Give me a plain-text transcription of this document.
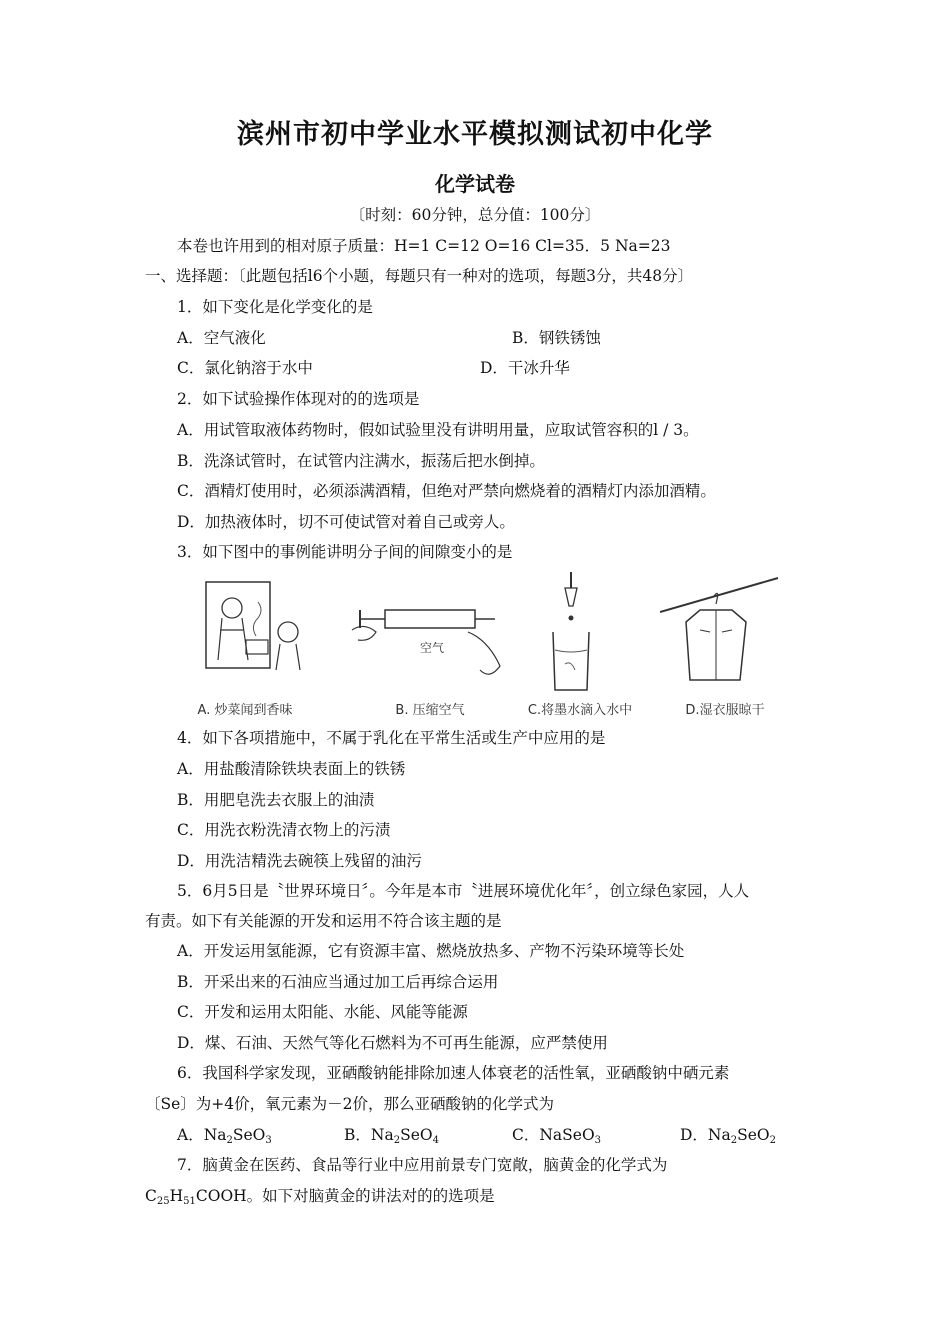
滨州市初中学业水平模拟测试初中化学
化学试卷
〔时刻：60分钟，总分值：100分〕
本卷也许用到的相对原子质量：H=1 C=12 O=16 Cl=35．5 Na=23
一、选择题：〔此题包括l6个小题，每题只有一种对的选项，每题3分，共48分〕
1．如下变化是化学变化的是
A．空气液化	B．钢铁锈蚀
C．氯化钠溶于水中	D．干冰升华
2．如下试验操作体现对的的选项是
A．用试管取液体药物时，假如试验里没有讲明用量，应取试管容积的l / 3。
B．洗涤试管时，在试管内注满水，振荡后把水倒掉。
C．酒精灯使用时，必须添满酒精，但绝对严禁向燃烧着的酒精灯内添加酒精。
D．加热液体时，切不可使试管对着自己或旁人。
3．如下图中的事例能讲明分子间的间隙变小的是
A. 炒菜闻到香味
空气
B. 压缩空气	C.将墨水滴入水中	D.湿衣服晾干
4．如下各项措施中，不属于乳化在平常生活或生产中应用的是
A．用盐酸清除铁块表面上的铁锈
B．用肥皂洗去衣服上的油渍
C．用洗衣粉洗清衣物上的污渍
D．用洗洁精洗去碗筷上残留的油污
5．6月5日是〝世界环境日〞。今年是本市〝进展环境优化年〞，创立绿色家园，人人
有责。如下有关能源的开发和运用不符合该主题的是
A．开发运用氢能源，它有资源丰富、燃烧放热多、产物不污染环境等长处
B．开采出来的石油应当通过加工后再综合运用
C．开发和运用太阳能、水能、风能等能源
D．煤、石油、天然气等化石燃料为不可再生能源，应严禁使用
6．我国科学家发现，亚硒酸钠能排除加速人体衰老的活性氧，亚硒酸钠中硒元素
〔Se〕为+4价，氧元素为－2价，那么亚硒酸钠的化学式为
A．$Na_2SeO_3$	B．$Na_2SeO_4$	C．NaSeO$_3$	D．$Na_2SeO_2$
7．脑黄金在医药、食品等行业中应用前景专门宽敞，脑黄金的化学式为
$C_{25}H_{51}COOH$。如下对脑黄金的讲法对的的选项是
